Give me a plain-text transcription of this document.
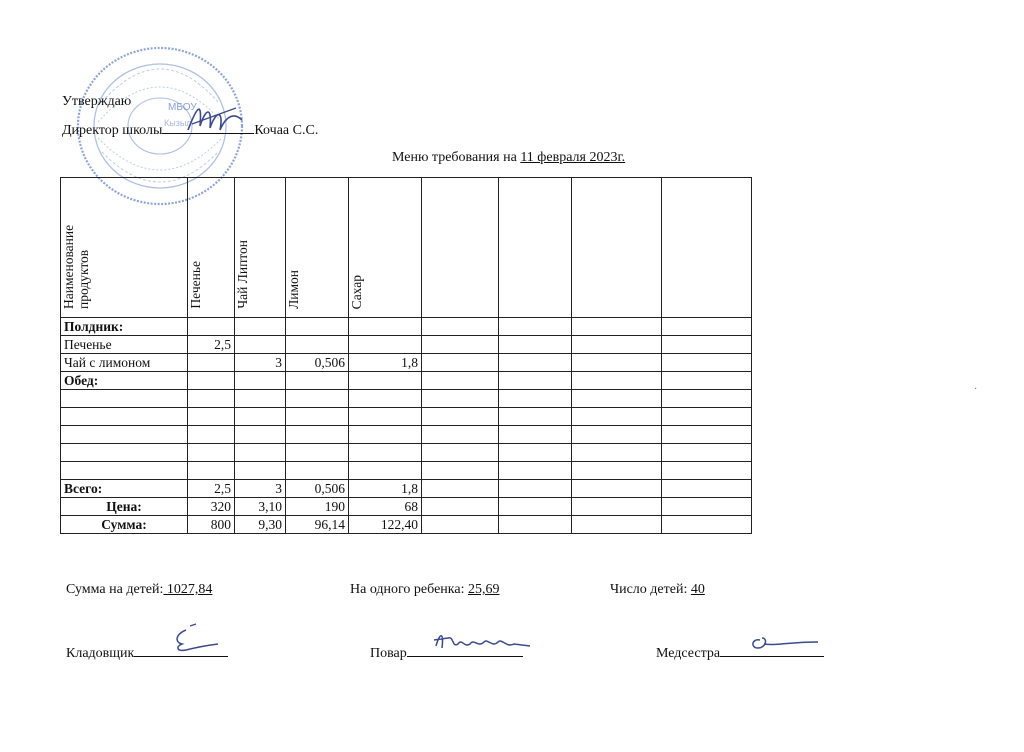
МБОУ
Кызыл
Утверждаю
Директор школы	Кочаа С.С.
Меню требования на 11 февраля 2023г.
Наименование продуктов	Печенье	Чай Липтон	Лимон	Сахар				
Полдник:								
Печенье	2,5							
Чай с лимоном		3	0,506	1,8				
Обед:								

Всего:	2,5	3	0,506	1,8				
Цена:	320	3,10	190	68				
Сумма:	800	9,30	96,14	122,40				
Сумма на детей: 1027,84	На одного ребенка: 25,69	Число детей: 40
Кладовщик	Повар	Медсестра
·
